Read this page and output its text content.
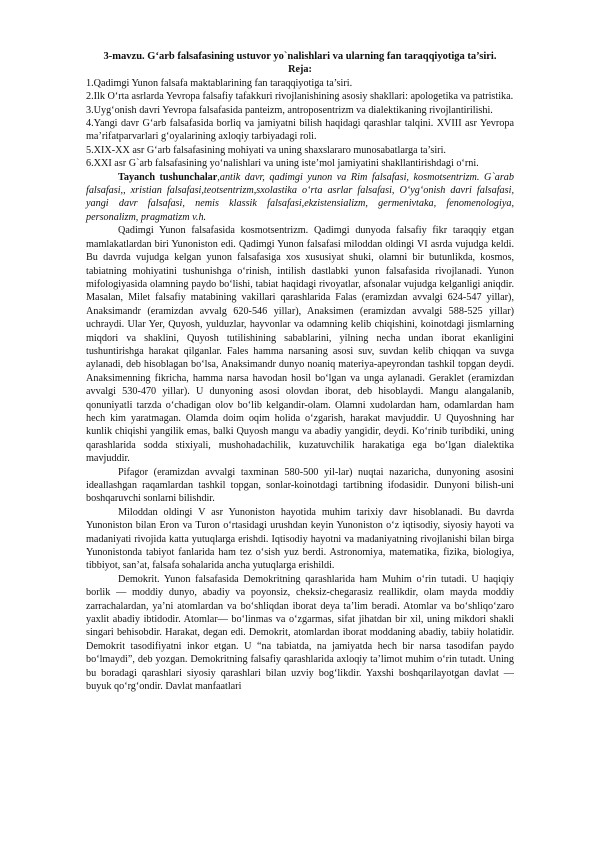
3-mavzu. G‘arb falsafasining ustuvor yo`nalishlari va ularning fan taraqqiyotiga ta’siri.

Reja:

1.Qadimgi Yunon falsafa maktablarining fan taraqqiyotiga ta’siri.

2.Ilk O‘rta asrlarda Yevropa falsafiy tafakkuri rivojlanishining asosiy shakllari: apologetika va patristika.

3.Uyg‘onish davri Yevropa falsafasida panteizm, antroposentrizm va dialektikaning rivojlantirilishi.

4.Yangi davr G‘arb falsafasida borliq va jamiyatni bilish haqidagi qarashlar talqini. XVIII asr Yevropa ma’rifatparvarlari g‘oyalarining axloqiy tarbiyadagi roli.

5.XIX-XX asr G‘arb falsafasining mohiyati va uning shaxslararo munosabatlarga ta’siri.

6.XXI asr G`arb falsafasining yo‘nalishlari va uning iste’mol jamiyatini shakllantirishdagi o‘rni.

Tayanch tushunchalar,antik davr, qadimgi yunon va Rim falsafasi, kosmotsentrizm. G`arab falsafasi,, xristian falsafasi,teotsentrizm,sxolastika o‘rta asrlar falsafasi, O‘yg‘onish davri falsafasi, yangi davr falsafasi, nemis klassik falsafasi,ekzistensializm, germenivtaka, fenomenologiya, personalizm, pragmatizm v.h.

Qadimgi Yunon falsafasida kosmotsentrizm. Qadimgi dunyoda falsafiy fikr taraqqiy etgan mamlakatlardan biri Yunoniston edi. Qadimgi Yunon falsafasi miloddan oldingi VI asrda vujudga keldi. Bu davrda vujudga kelgan yunon falsafasiga xos xususiyat shuki, olamni bir butunlikda, kosmos, tabiatning mohiyatini tushunishga o‘rinish, intilish dastlabki yunon falsafasida rivojlanadi. Yunon mifologiyasida olamning paydo bo‘lishi, tabiat haqidagi rivoyatlar, afsonalar vujudga kelganligi aniqdir. Masalan, Milet falsafiy matabining vakillari qarashlarida Falas (eramizdan avvalgi 624-547 yillar), Anaksimandr (eramizdan avvalg 620-546 yillar), Anaksimen (eramizdan avvalgi 588-525 yillar) uchraydi. Ular Yer, Quyosh, yulduzlar, hayvonlar va odamning kelib chiqishini, koinotdagi jismlarning miqdori va shaklini, Quyosh tutilishining sabablarini, yilning necha undan iborat ekanligini tushuntirishga harakat qilganlar. Fales hamma narsaning asosi suv, suvdan kelib chiqqan va suvga aylanadi, deb hisoblagan bo‘lsa, Anaksimandr dunyo noaniq materiya-apeyrondan tashkil topgan deydi. Anaksimenning fikricha, hamma narsa havodan hosil bo‘lgan va unga aylanadi. Geraklet (eramizdan avvalgi 530-470 yillar). U dunyoning asosi olovdan iborat, deb hisoblaydi. Mangu alangalanib, qonuniyatli tarzda o‘chadigan olov bo‘lib kelgandir-olam. Olamni xudolardan ham, odamlardan ham hech kim yaratmagan. Olamda doim oqim holida o‘zgarish, harakat mavjuddir. U Quyoshning har kunlik chiqishi yangilik emas, balki Quyosh mangu va abadiy yangidir, deydi. Ko‘rinib turibdiki, uning qarashlarida sodda stixiyali, mushohadachilik, kuzatuvchilik harakatiga ega bo‘lgan dialektika mavjuddir.

Pifagor (eramizdan avvalgi taxminan 580-500 yil-lar) nuqtai nazaricha, dunyoning asosini ideallashgan raqamlardan tashkil topgan, sonlar-koinotdagi tartibning ifodasidir. Dunyoni bilish-uni boshqaruvchi sonlarni bilishdir.

Miloddan oldingi V asr Yunoniston hayotida muhim tarixiy davr hisoblanadi. Bu davrda Yunoniston bilan Eron va Turon o‘rtasidagi urushdan keyin Yunoniston o‘z iqtisodiy, siyosiy hayoti va madaniyati rivojida katta yutuqlarga erishdi. Iqtisodiy hayotni va madaniyatning rivojlanishi bilan birga Yunonistonda tabiyot fanlarida ham tez o‘sish yuz berdi. Astronomiya, matematika, fizika, biologiya, tibbiyot, san’at, falsafa sohalarida ancha yutuqlarga erishildi.

Demokrit. Yunon falsafasida Demokritning qarashlarida ham Muhim o‘rin tutadi. U haqiqiy borlik — moddiy dunyo, abadiy va poyonsiz, cheksiz-chegarasiz reallikdir, olam mayda moddiy zarrachalardan, ya’ni atomlardan va bo‘shliqdan iborat deya ta’lim beradi. Atomlar va bo‘shliqo‘zaro yaxlit abadiy ibtidodir. Atomlar— bo‘linmas va o‘zgarmas, sifat jihatdan bir xil, uning mikdori shakli singari behisobdir. Harakat, degan edi. Demokrit, atomlardan iborat moddaning abadiy, tabiiy holatidir. Demokrit tasodifiyatni inkor etgan. U “na tabiatda, na jamiyatda hech bir narsa tasodifan paydo bo‘lmaydi”, deb yozgan. Demokritning falsafiy qarashlarida axloqiy ta’limot muhim o‘rin tutadt. Uning bu boradagi qarashlari siyosiy qarashlari bilan uzviy bog‘likdir. Yaxshi boshqarilayotgan davlat — buyuk qo‘rg‘ondir. Davlat manfaatlari
